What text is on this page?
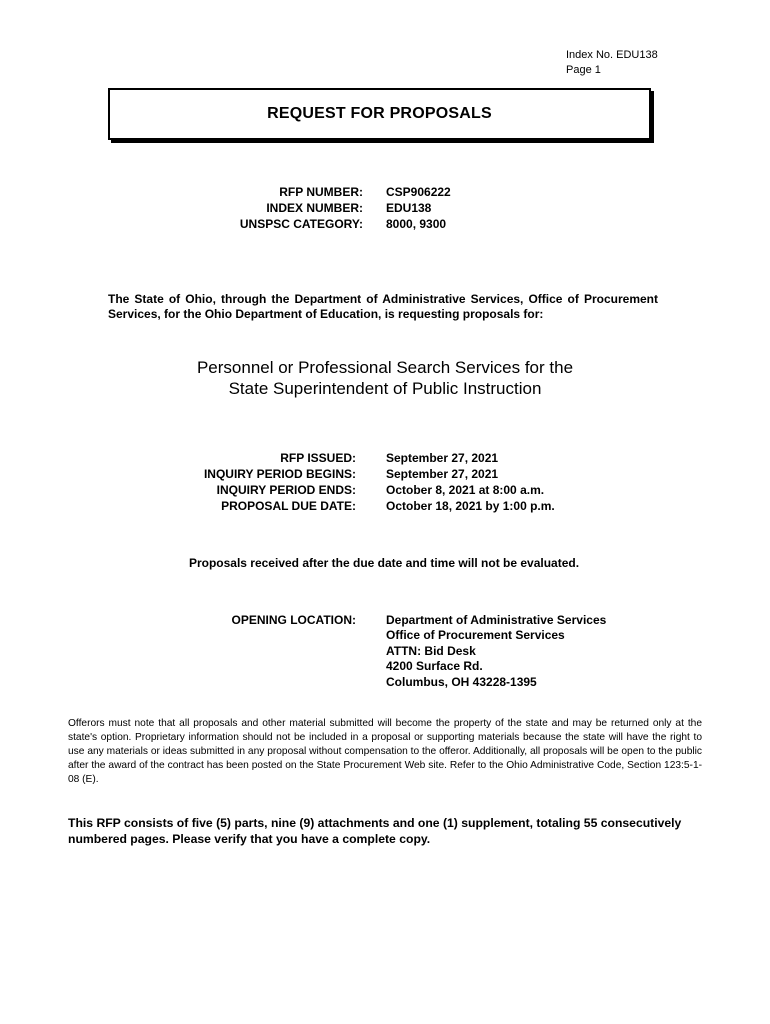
Index No. EDU138
Page 1
REQUEST FOR PROPOSALS
RFP NUMBER: CSP906222
INDEX NUMBER: EDU138
UNSPSC CATEGORY: 8000, 9300
The State of Ohio, through the Department of Administrative Services, Office of Procurement Services, for the Ohio Department of Education, is requesting proposals for:
Personnel or Professional Search Services for the
State Superintendent of Public Instruction
RFP ISSUED:	September 27, 2021
INQUIRY PERIOD BEGINS:	September 27, 2021
INQUIRY PERIOD ENDS:	October 8, 2021 at 8:00 a.m.
PROPOSAL DUE DATE:	October 18, 2021 by 1:00 p.m.
Proposals received after the due date and time will not be evaluated.
OPENING LOCATION:	Department of Administrative Services
Office of Procurement Services
ATTN: Bid Desk
4200 Surface Rd.
Columbus, OH 43228-1395
Offerors must note that all proposals and other material submitted will become the property of the state and may be returned only at the state's option. Proprietary information should not be included in a proposal or supporting materials because the state will have the right to use any materials or ideas submitted in any proposal without compensation to the offeror. Additionally, all proposals will be open to the public after the award of the contract has been posted on the State Procurement Web site. Refer to the Ohio Administrative Code, Section 123:5-1-08 (E).
This RFP consists of five (5) parts, nine (9) attachments and one (1) supplement, totaling 55 consecutively numbered pages. Please verify that you have a complete copy.
